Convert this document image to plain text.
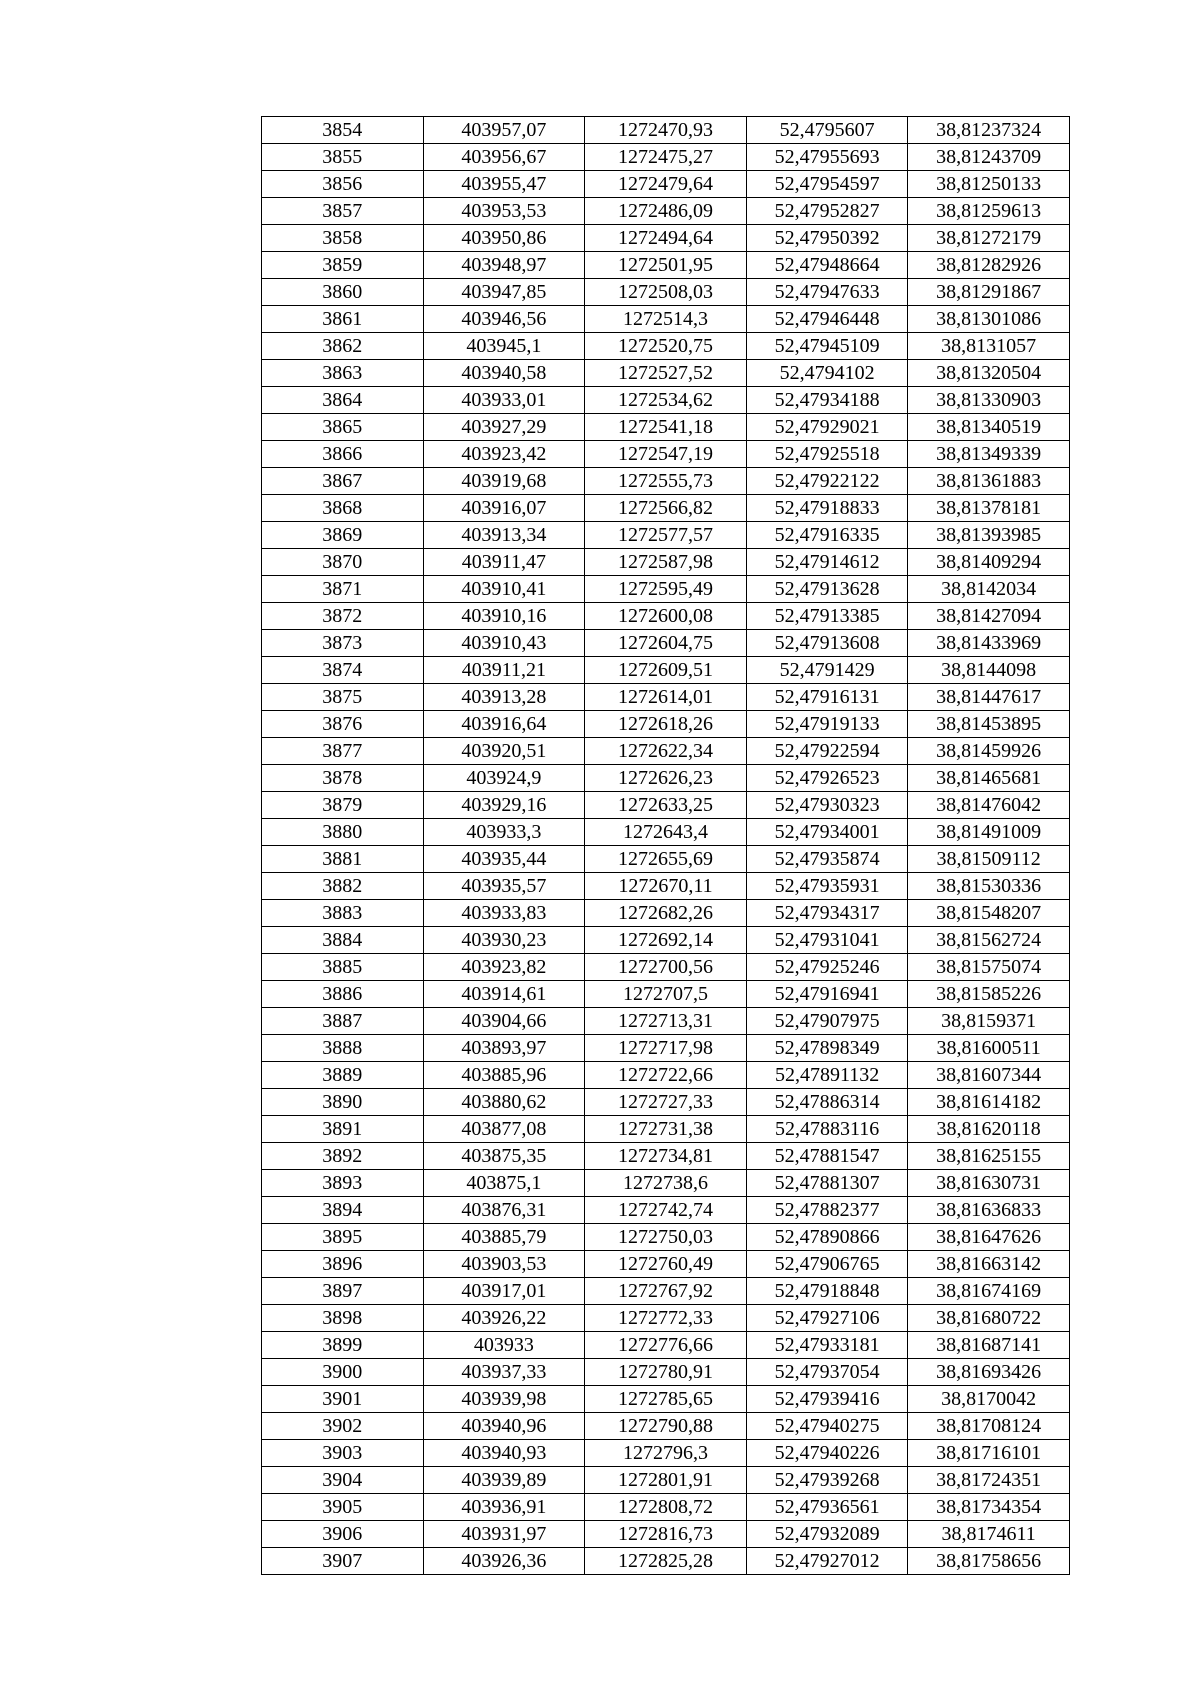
3854	403957,07	1272470,93	52,4795607	38,81237324
3855	403956,67	1272475,27	52,47955693	38,81243709
3856	403955,47	1272479,64	52,47954597	38,81250133
3857	403953,53	1272486,09	52,47952827	38,81259613
3858	403950,86	1272494,64	52,47950392	38,81272179
3859	403948,97	1272501,95	52,47948664	38,81282926
3860	403947,85	1272508,03	52,47947633	38,81291867
3861	403946,56	1272514,3	52,47946448	38,81301086
3862	403945,1	1272520,75	52,47945109	38,8131057
3863	403940,58	1272527,52	52,4794102	38,81320504
3864	403933,01	1272534,62	52,47934188	38,81330903
3865	403927,29	1272541,18	52,47929021	38,81340519
3866	403923,42	1272547,19	52,47925518	38,81349339
3867	403919,68	1272555,73	52,47922122	38,81361883
3868	403916,07	1272566,82	52,47918833	38,81378181
3869	403913,34	1272577,57	52,47916335	38,81393985
3870	403911,47	1272587,98	52,47914612	38,81409294
3871	403910,41	1272595,49	52,47913628	38,8142034
3872	403910,16	1272600,08	52,47913385	38,81427094
3873	403910,43	1272604,75	52,47913608	38,81433969
3874	403911,21	1272609,51	52,4791429	38,8144098
3875	403913,28	1272614,01	52,47916131	38,81447617
3876	403916,64	1272618,26	52,47919133	38,81453895
3877	403920,51	1272622,34	52,47922594	38,81459926
3878	403924,9	1272626,23	52,47926523	38,81465681
3879	403929,16	1272633,25	52,47930323	38,81476042
3880	403933,3	1272643,4	52,47934001	38,81491009
3881	403935,44	1272655,69	52,47935874	38,81509112
3882	403935,57	1272670,11	52,47935931	38,81530336
3883	403933,83	1272682,26	52,47934317	38,81548207
3884	403930,23	1272692,14	52,47931041	38,81562724
3885	403923,82	1272700,56	52,47925246	38,81575074
3886	403914,61	1272707,5	52,47916941	38,81585226
3887	403904,66	1272713,31	52,47907975	38,8159371
3888	403893,97	1272717,98	52,47898349	38,81600511
3889	403885,96	1272722,66	52,47891132	38,81607344
3890	403880,62	1272727,33	52,47886314	38,81614182
3891	403877,08	1272731,38	52,47883116	38,81620118
3892	403875,35	1272734,81	52,47881547	38,81625155
3893	403875,1	1272738,6	52,47881307	38,81630731
3894	403876,31	1272742,74	52,47882377	38,81636833
3895	403885,79	1272750,03	52,47890866	38,81647626
3896	403903,53	1272760,49	52,47906765	38,81663142
3897	403917,01	1272767,92	52,47918848	38,81674169
3898	403926,22	1272772,33	52,47927106	38,81680722
3899	403933	1272776,66	52,47933181	38,81687141
3900	403937,33	1272780,91	52,47937054	38,81693426
3901	403939,98	1272785,65	52,47939416	38,8170042
3902	403940,96	1272790,88	52,47940275	38,81708124
3903	403940,93	1272796,3	52,47940226	38,81716101
3904	403939,89	1272801,91	52,47939268	38,81724351
3905	403936,91	1272808,72	52,47936561	38,81734354
3906	403931,97	1272816,73	52,47932089	38,8174611
3907	403926,36	1272825,28	52,47927012	38,81758656
